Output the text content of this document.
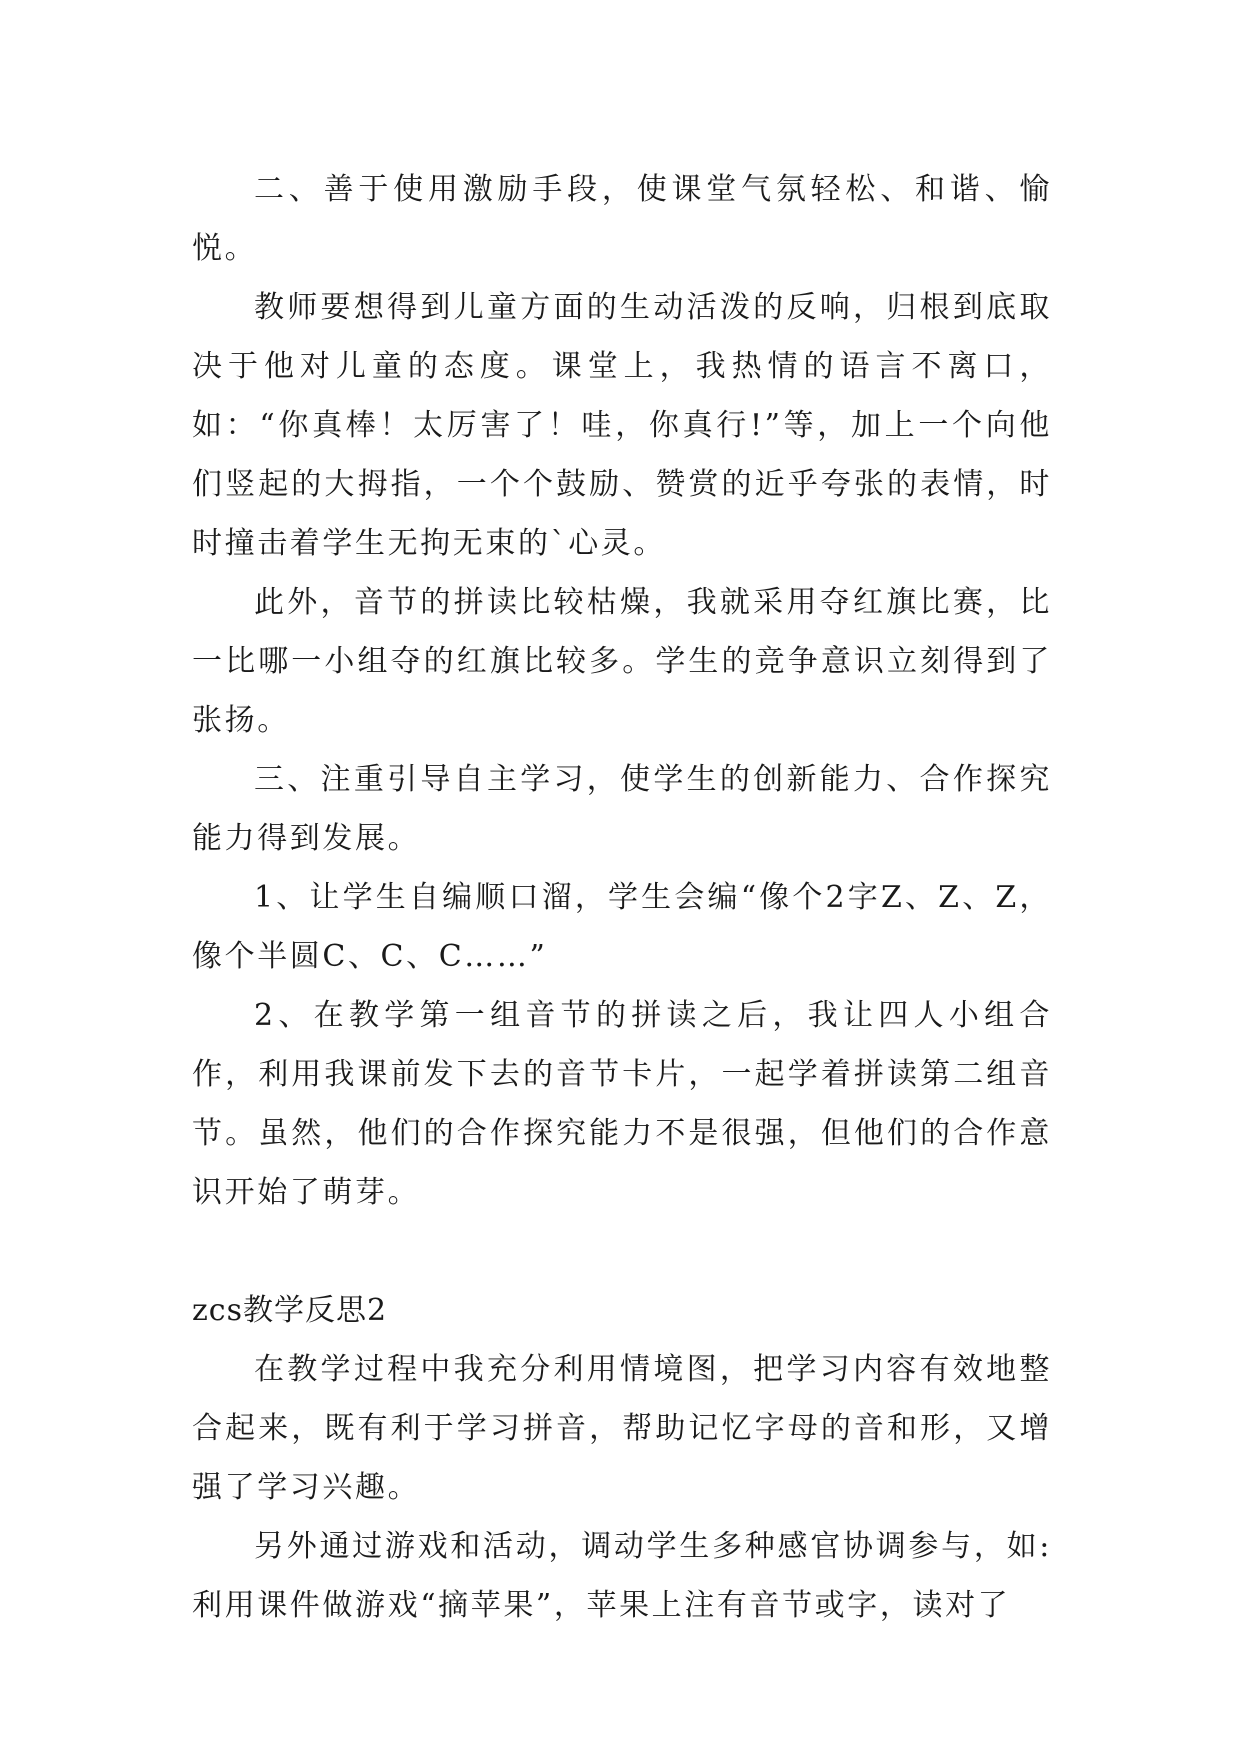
二、善于使用激励手段，使课堂气氛轻松、和谐、愉悦。

教师要想得到儿童方面的生动活泼的反响，归根到底取决于他对儿童的态度。课堂上，我热情的语言不离口，如：“你真棒！太厉害了！哇，你真行!”等，加上一个向他们竖起的大拇指，一个个鼓励、赞赏的近乎夸张的表情，时时撞击着学生无拘无束的`心灵。

此外，音节的拼读比较枯燥，我就采用夺红旗比赛，比一比哪一小组夺的红旗比较多。学生的竞争意识立刻得到了张扬。

三、注重引导自主学习，使学生的创新能力、合作探究能力得到发展。

1、让学生自编顺口溜，学生会编“像个2字Z、Z、Z，像个半圆C、C、C……”

2、在教学第一组音节的拼读之后，我让四人小组合作，利用我课前发下去的音节卡片，一起学着拼读第二组音节。虽然，他们的合作探究能力不是很强，但他们的合作意识开始了萌芽。

zcs教学反思2

在教学过程中我充分利用情境图，把学习内容有效地整合起来，既有利于学习拼音，帮助记忆字母的音和形，又增强了学习兴趣。

另外通过游戏和活动，调动学生多种感官协调参与，如:利用课件做游戏“摘苹果”，苹果上注有音节或字，读对了
